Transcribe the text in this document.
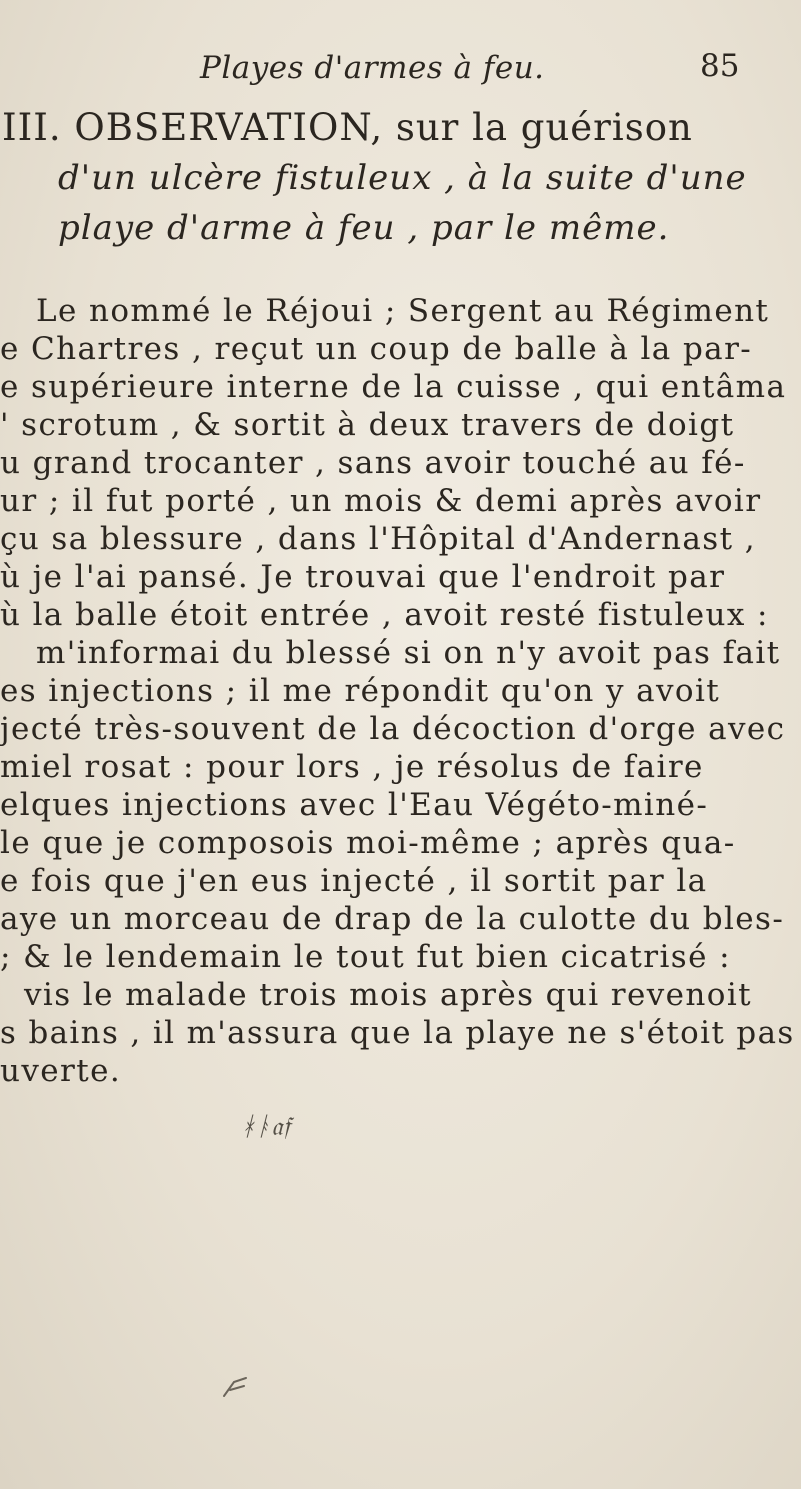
Playes d'armes à feu.	85
III. OBSERVATION, sur la guérison
d'un ulcère fistuleux , à la suite d'une
playe d'arme à feu , par le même.
Le nommé le Réjoui ; Sergent au Régiment
e Chartres , reçut un coup de balle à la par-
e supérieure interne de la cuisse , qui entâma
' scrotum , & sortit à deux travers de doigt
u grand trocanter , sans avoir touché au fé-
ur ; il fut porté , un mois & demi après avoir
çu sa blessure , dans l'Hôpital d'Andernast ,
ù je l'ai pansé. Je trouvai que l'endroit par
ù la balle étoit entrée , avoit resté fistuleux :
m'informai du blessé si on n'y avoit pas fait
es injections ; il me répondit qu'on y avoit
jecté très-souvent de la décoction d'orge avec
miel rosat : pour lors , je résolus de faire
elques injections avec l'Eau Végéto-miné-
le que je composois moi-même ; après qua-
e fois que j'en eus injecté , il sortit par la
aye un morceau de drap de la culotte du bles-
; & le lendemain le tout fut bien cicatrisé :
vis le malade trois mois après qui revenoit
s bains , il m'assura que la playe ne s'étoit pas
uverte.
ᚼᚭ𝔞𝔣
